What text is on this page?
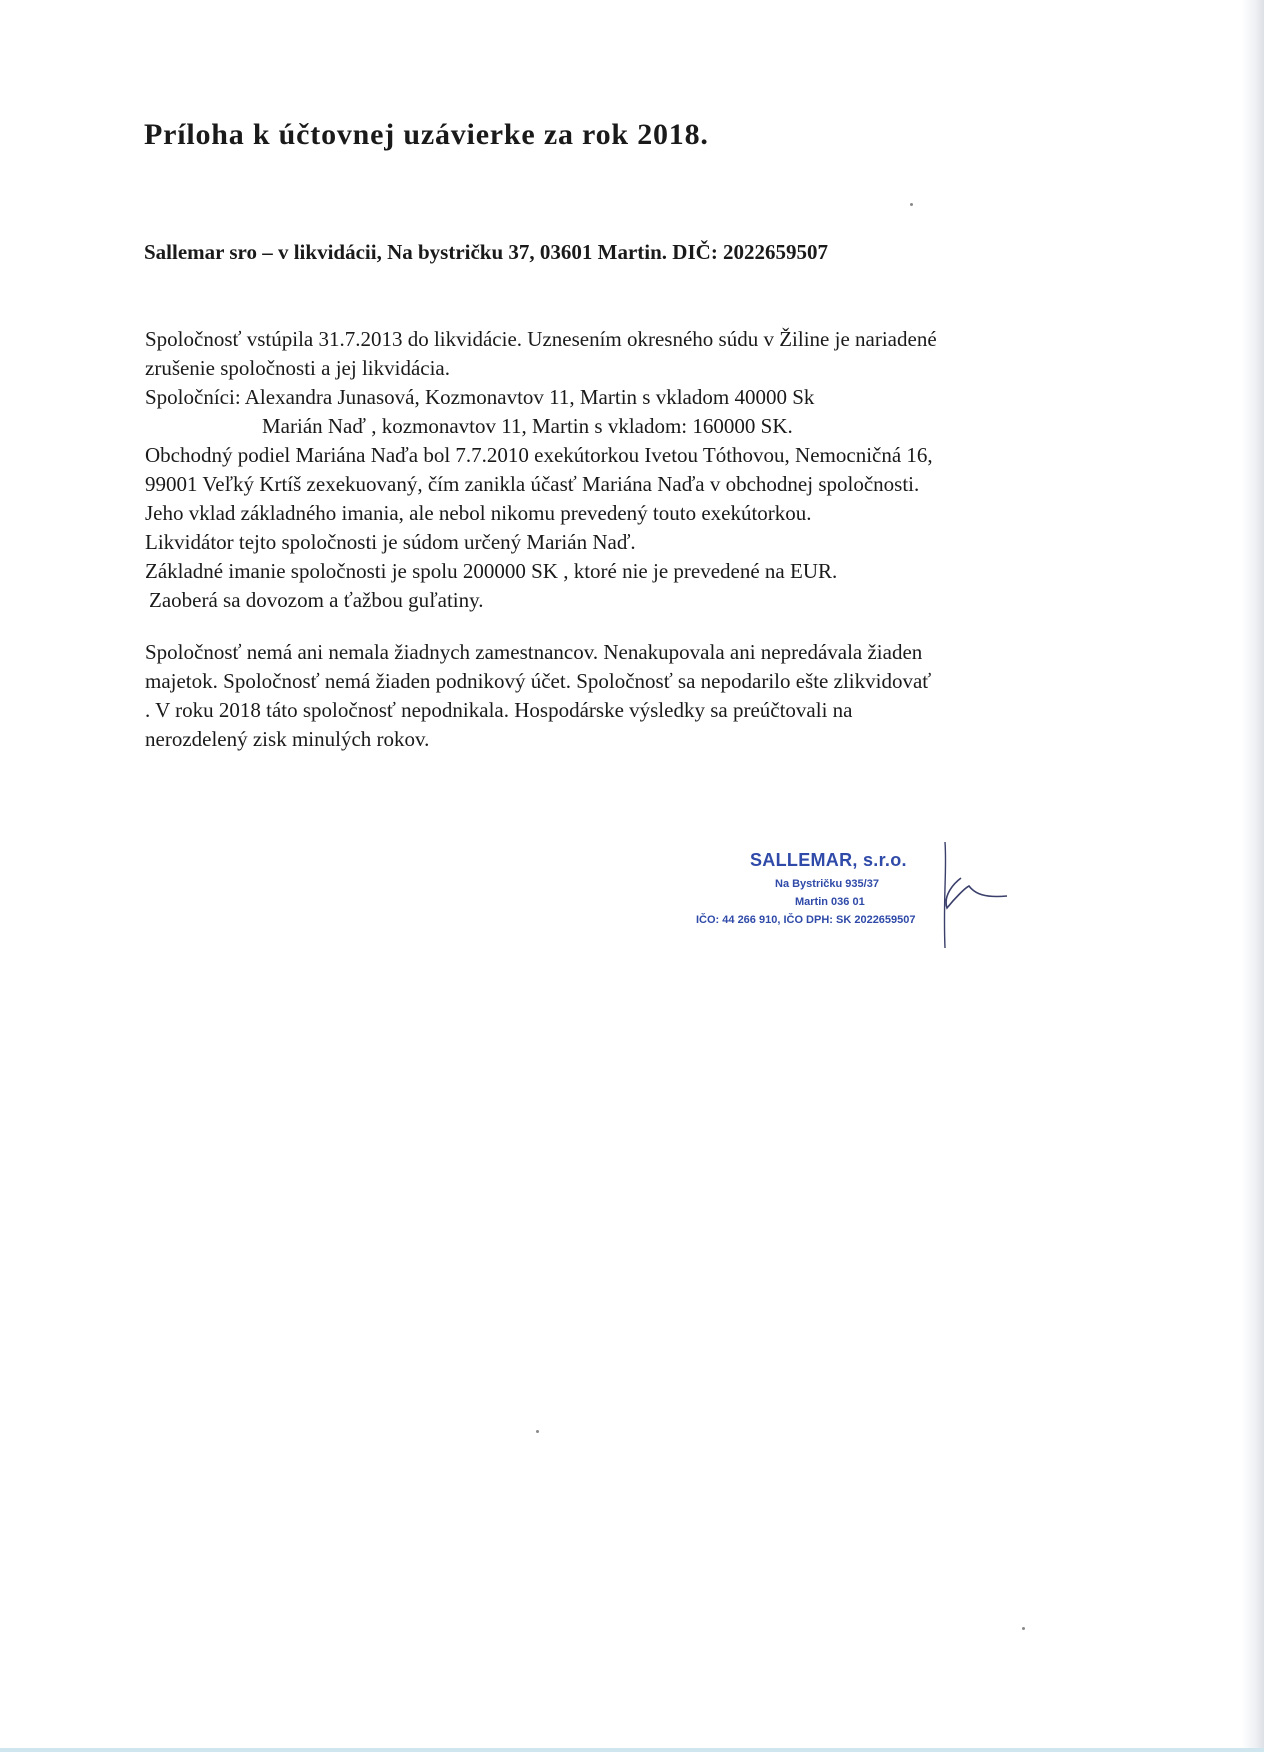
Príloha k účtovnej uzávierke za rok 2018.

Sallemar sro – v likvidácii, Na bystričku 37, 03601 Martin. DIČ: 2022659507

Spoločnosť vstúpila 31.7.2013 do likvidácie. Uznesením okresného súdu v Žiline je nariadené

zrušenie spoločnosti a jej likvidácia.

Spoločníci: Alexandra Junasová, Kozmonavtov 11, Martin s vkladom 40000 Sk

Marián Naď , kozmonavtov 11, Martin s vkladom: 160000 SK.

Obchodný podiel Mariána Naďa bol 7.7.2010 exekútorkou Ivetou Tóthovou, Nemocničná 16,

99001 Veľký Krtíš zexekuovaný, čím zanikla účasť Mariána Naďa v obchodnej spoločnosti.

Jeho vklad základného imania, ale nebol nikomu prevedený touto exekútorkou.

Likvidátor tejto spoločnosti je súdom určený Marián Naď.

Základné imanie spoločnosti je spolu 200000 SK , ktoré nie je prevedené na EUR.

Zaoberá sa dovozom a ťažbou guľatiny.

Spoločnosť nemá ani nemala žiadnych zamestnancov. Nenakupovala ani nepredávala žiaden

majetok. Spoločnosť nemá žiaden podnikový účet. Spoločnosť sa nepodarilo ešte zlikvidovať

. V roku 2018 táto spoločnosť nepodnikala. Hospodárske výsledky sa preúčtovali na

nerozdelený zisk minulých rokov.

SALLEMAR, s.r.o.
Na Bystričku 935/37
Martin 036 01
IČO: 44 266 910, IČO DPH: SK 2022659507
